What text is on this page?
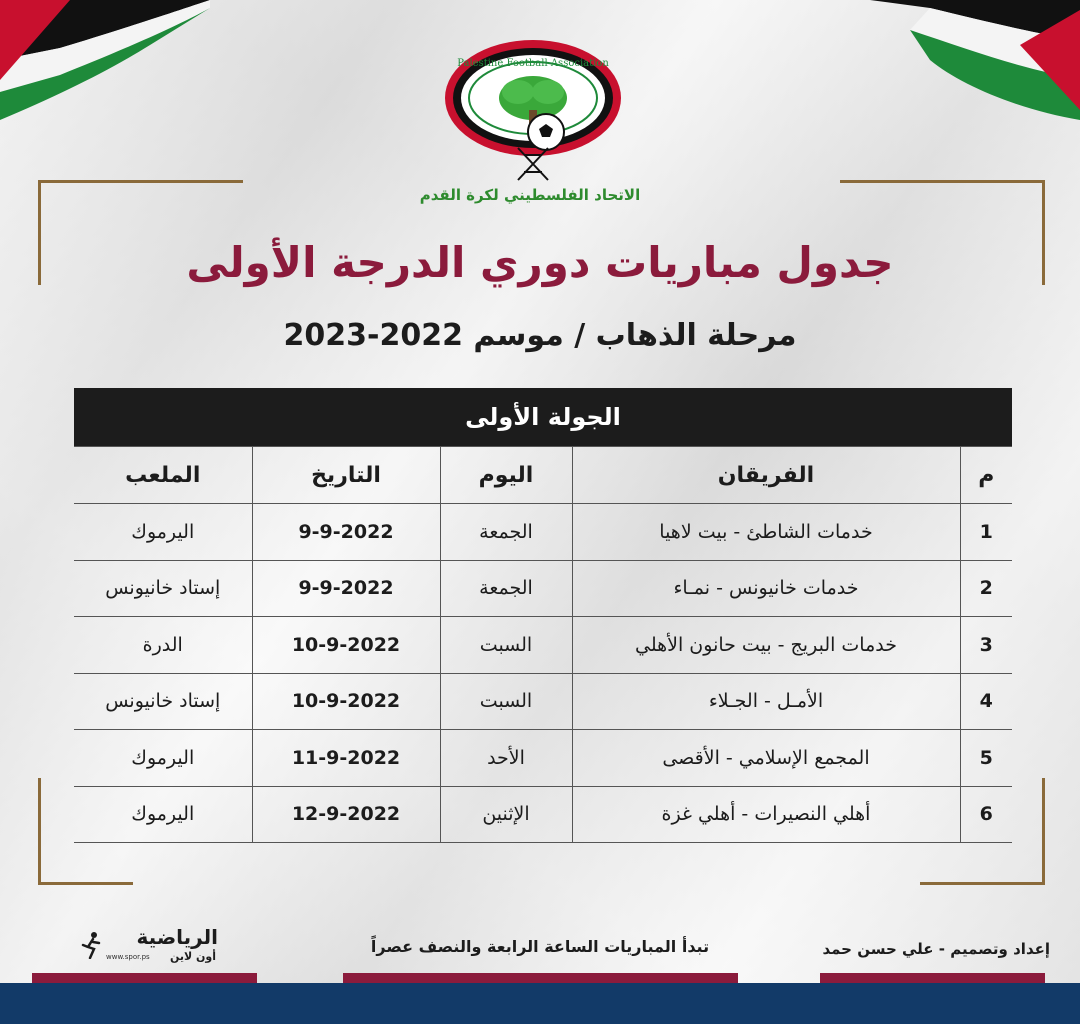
Palestine Football Association
الاتحاد الفلسطيني لكرة القدم
جدول مباريات دوري الدرجة الأولى
مرحلة الذهاب / موسم 2022-2023
الجولة الأولى
م	الفريقان	اليوم	التاريخ	الملعب
1	خدمات الشاطئ - بيت لاهيا	الجمعة	9-9-2022	اليرموك
2	خدمات خانيونس - نمـاء	الجمعة	9-9-2022	إستاد خانيونس
3	خدمات البريج - بيت حانون الأهلي	السبت	10-9-2022	الدرة
4	الأمـل - الجـلاء	السبت	10-9-2022	إستاد خانيونس
5	المجمع الإسلامي - الأقصى	الأحد	11-9-2022	اليرموك
6	أهلي النصيرات - أهلي غزة	الإثنين	12-9-2022	اليرموك
إعداد وتصميم - علي حسن حمد
تبدأ المباريات الساعة الرابعة والنصف عصراً
الرياضية
أون لاين
www.spor.ps
